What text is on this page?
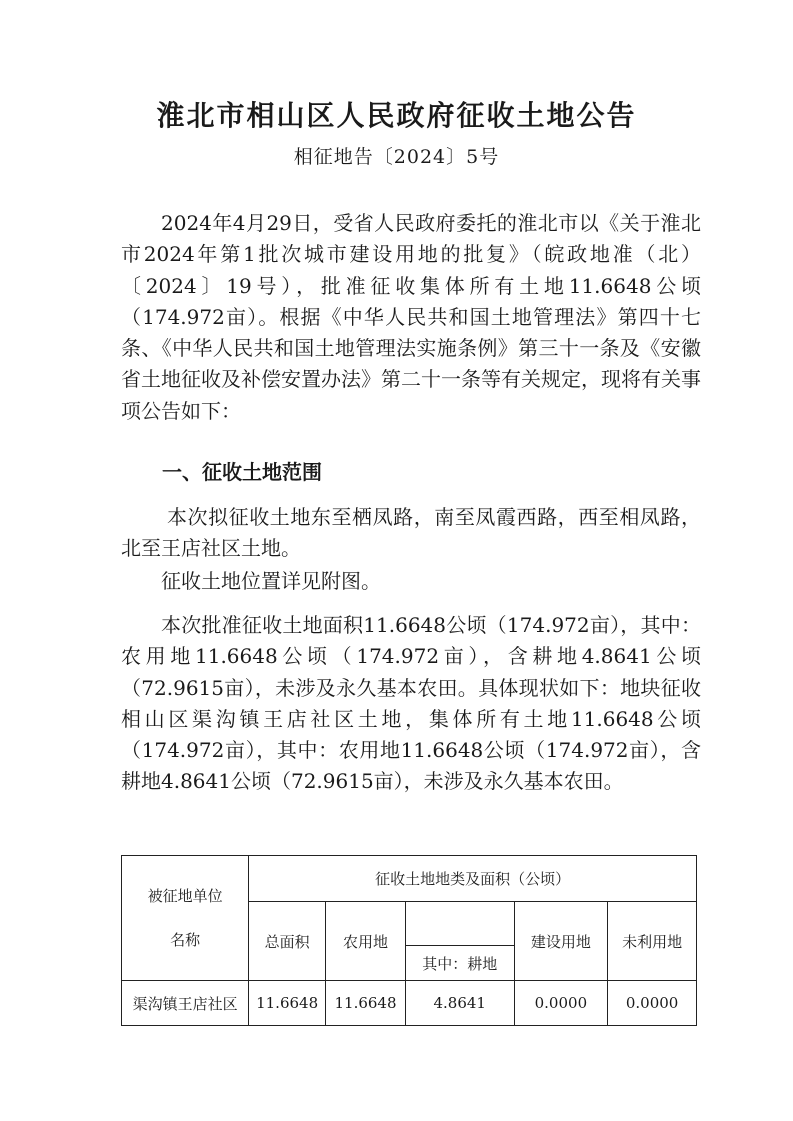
淮北市相山区人民政府征收土地公告
相征地告〔2024〕5号

2024年4月29日，受省人民政府委托的淮北市以《关于淮北市2024年第1批次城市建设用地的批复》（皖政地准（北）〔2024〕19号），批准征收集体所有土地11.6648公顷（174.972亩）。根据《中华人民共和国土地管理法》第四十七条、《中华人民共和国土地管理法实施条例》第三十一条及《安徽省土地征收及补偿安置办法》第二十一条等有关规定，现将有关事项公告如下：

一、征收土地范围

本次拟征收土地东至栖凤路，南至凤霞西路，西至相凤路，北至王店社区土地。

征收土地位置详见附图。

本次批准征收土地面积11.6648公顷（174.972亩），其中：农用地11.6648公顷（174.972亩），含耕地4.8641公顷（72.9615亩），未涉及永久基本农田。具体现状如下：地块征收相山区渠沟镇王店社区土地，集体所有土地11.6648公顷（174.972亩），其中：农用地11.6648公顷（174.972亩），含耕地4.8641公顷（72.9615亩），未涉及永久基本农田。

被征地单位
名称	征收土地地类及面积（公顷）				
	总面积	农用地		建设用地	未利用地
			其中：耕地		
渠沟镇王店社区	11.6648	11.6648	4.8641	0.0000	0.0000
